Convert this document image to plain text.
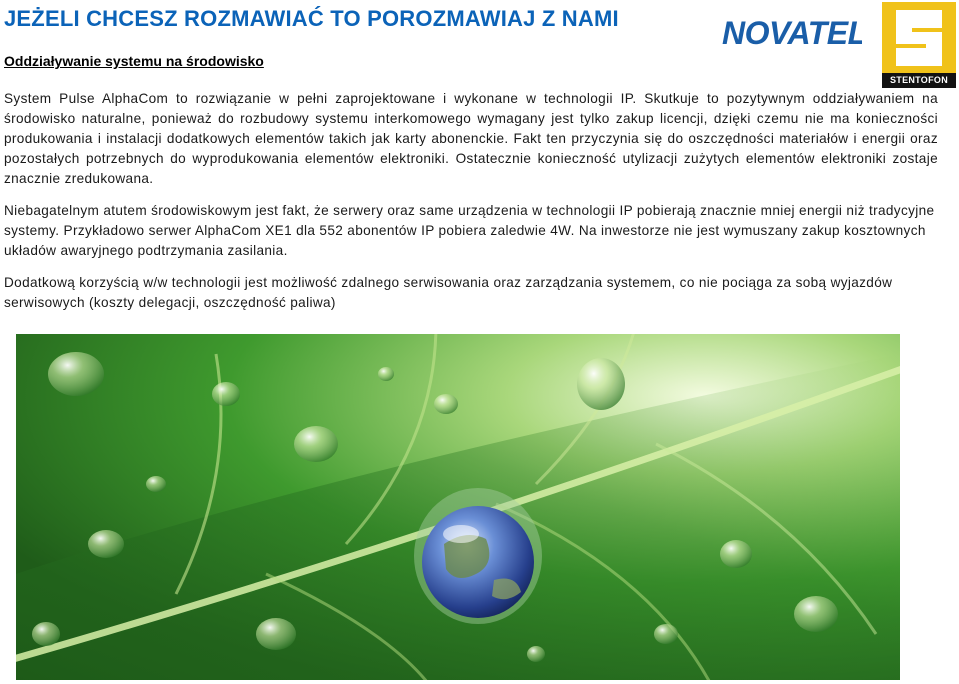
JEŻELI CHCESZ ROZMAWIAĆ TO POROZMAWIAJ Z NAMI	NOVATEL
STENTOFON
Oddziaływanie systemu na środowisko

System Pulse AlphaCom to rozwiązanie w pełni zaprojektowane i wykonane w technologii IP. Skutkuje to pozytywnym oddziaływaniem na środowisko naturalne, ponieważ do rozbudowy systemu interkomowego wymagany jest tylko zakup licencji, dzięki czemu nie ma konieczności produkowania i instalacji dodatkowych elementów takich jak karty abonenckie. Fakt ten przyczynia się do oszczędności materiałów i energii oraz pozostałych potrzebnych do wyprodukowania elementów elektroniki. Ostatecznie konieczność utylizacji zużytych elementów elektroniki zostaje znacznie zredukowana.

Niebagatelnym atutem środowiskowym jest fakt, że serwery oraz same urządzenia w technologii IP pobierają znacznie mniej energii niż tradycyjne systemy. Przykładowo serwer AlphaCom XE1 dla 552 abonentów IP pobiera zaledwie 4W. Na inwestorze nie jest wymuszany zakup kosztownych układów awaryjnego podtrzymania zasilania.

Dodatkową korzyścią w/w technologii jest możliwość zdalnego serwisowania oraz zarządzania systemem, co nie pociąga za sobą wyjazdów serwisowych (koszty delegacji, oszczędność paliwa)
